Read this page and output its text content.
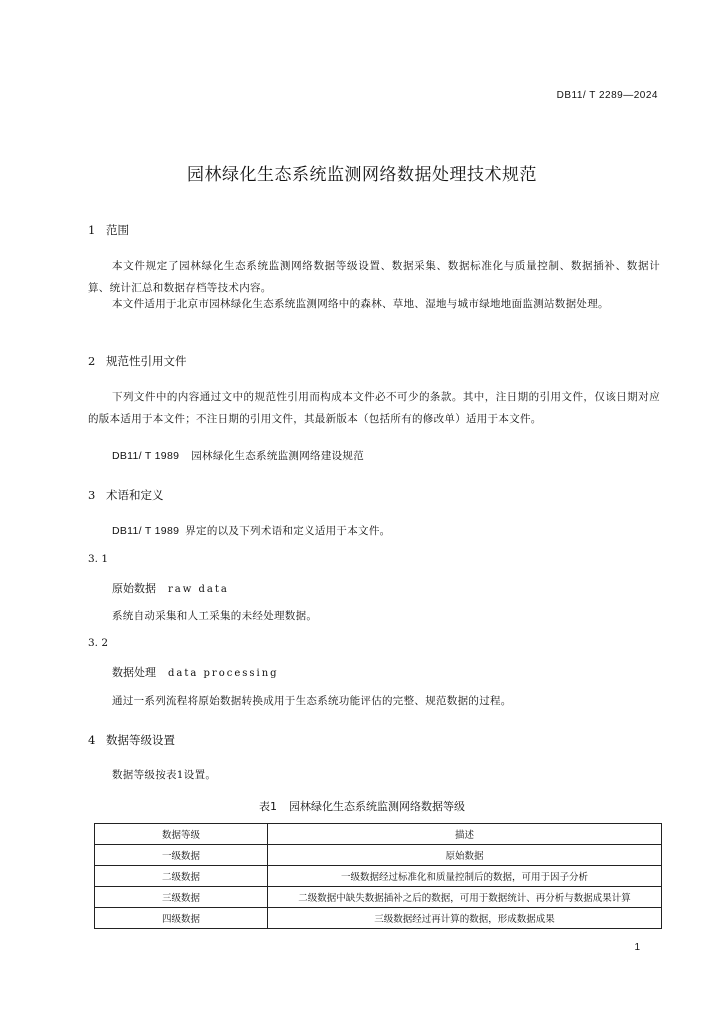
DB11/ T 2289—2024
园林绿化生态系统监测网络数据处理技术规范
1 范围
本文件规定了园林绿化生态系统监测网络数据等级设置、数据采集、数据标准化与质量控制、数据插补、数据计算、统计汇总和数据存档等技术内容。
本文件适用于北京市园林绿化生态系统监测网络中的森林、草地、湿地与城市绿地地面监测站数据处理。
2 规范性引用文件
下列文件中的内容通过文中的规范性引用而构成本文件必不可少的条款。其中，注日期的引用文件，仅该日期对应的版本适用于本文件；不注日期的引用文件，其最新版本（包括所有的修改单）适用于本文件。
DB11/ T 1989 园林绿化生态系统监测网络建设规范
3 术语和定义
DB11/ T 1989 界定的以及下列术语和定义适用于本文件。
3. 1
原始数据 raw data
系统自动采集和人工采集的未经处理数据。
3. 2
数据处理 data processing
通过一系列流程将原始数据转换成用于生态系统功能评估的完整、规范数据的过程。
4 数据等级设置
数据等级按表1设置。
表1 园林绿化生态系统监测网络数据等级
数据等级	描述
一级数据	原始数据
二级数据	一级数据经过标准化和质量控制后的数据，可用于因子分析
三级数据	二级数据中缺失数据插补之后的数据，可用于数据统计、再分析与数据成果计算
四级数据	三级数据经过再计算的数据，形成数据成果
1
